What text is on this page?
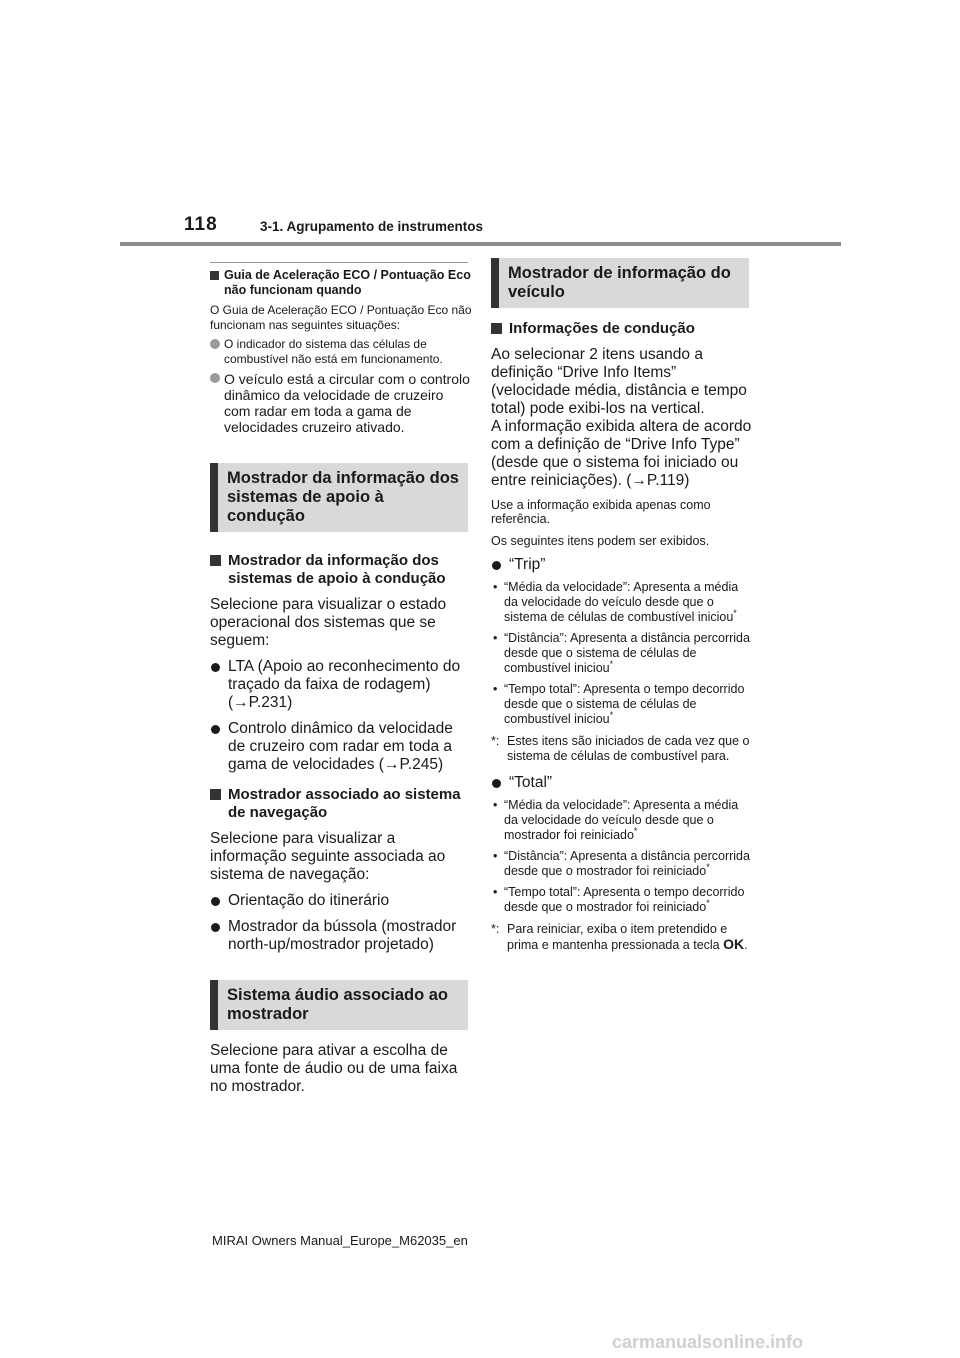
118	3-1. Agrupamento de instrumentos
Guia de Aceleração ECO / Pontuação Eco não funcionam quando
O Guia de Aceleração ECO / Pontuação Eco não funcionam nas seguintes situações:
O indicador do sistema das células de combustível não está em funcionamento.
O veículo está a circular com o controlo dinâmico da velocidade de cruzeiro com radar em toda a gama de velocidades cruzeiro ativado.
Mostrador da informação dos sistemas de apoio à condução
Mostrador da informação dos sistemas de apoio à condução
Selecione para visualizar o estado operacional dos sistemas que se seguem:
LTA (Apoio ao reconhecimento do traçado da faixa de rodagem) (→P.231)
Controlo dinâmico da velocidade de cruzeiro com radar em toda a gama de velocidades (→P.245)
Mostrador associado ao sistema de navegação
Selecione para visualizar a informação seguinte associada ao sistema de navegação:
Orientação do itinerário
Mostrador da bússola (mostrador north-up/mostrador projetado)
Sistema áudio associado ao mostrador
Selecione para ativar a escolha de uma fonte de áudio ou de uma faixa no mostrador.
Mostrador de informação do veículo
Informações de condução
Ao selecionar 2 itens usando a definição “Drive Info Items” (velocidade média, distância e tempo total) pode exibi-los na vertical.
A informação exibida altera de acordo com a definição de “Drive Info Type” (desde que o sistema foi iniciado ou entre reiniciações). (→P.119)
Use a informação exibida apenas como referência.
Os seguintes itens podem ser exibidos.
“Trip”
• “Média da velocidade”: Apresenta a média da velocidade do veículo desde que o sistema de células de combustível iniciou*
• “Distância”: Apresenta a distância percorrida desde que o sistema de células de combustível iniciou*
• “Tempo total”: Apresenta o tempo decorrido desde que o sistema de células de combustível iniciou*
*: Estes itens são iniciados de cada vez que o sistema de células de combustível para.
“Total”
• “Média da velocidade”: Apresenta a média da velocidade do veículo desde que o mostrador foi reiniciado*
• “Distância”: Apresenta a distância percorrida desde que o mostrador foi reiniciado*
• “Tempo total”: Apresenta o tempo decorrido desde que o mostrador foi reiniciado*
*: Para reiniciar, exiba o item pretendido e prima e mantenha pressionada a tecla OK.
MIRAI Owners Manual_Europe_M62035_en
carmanualsonline.info
